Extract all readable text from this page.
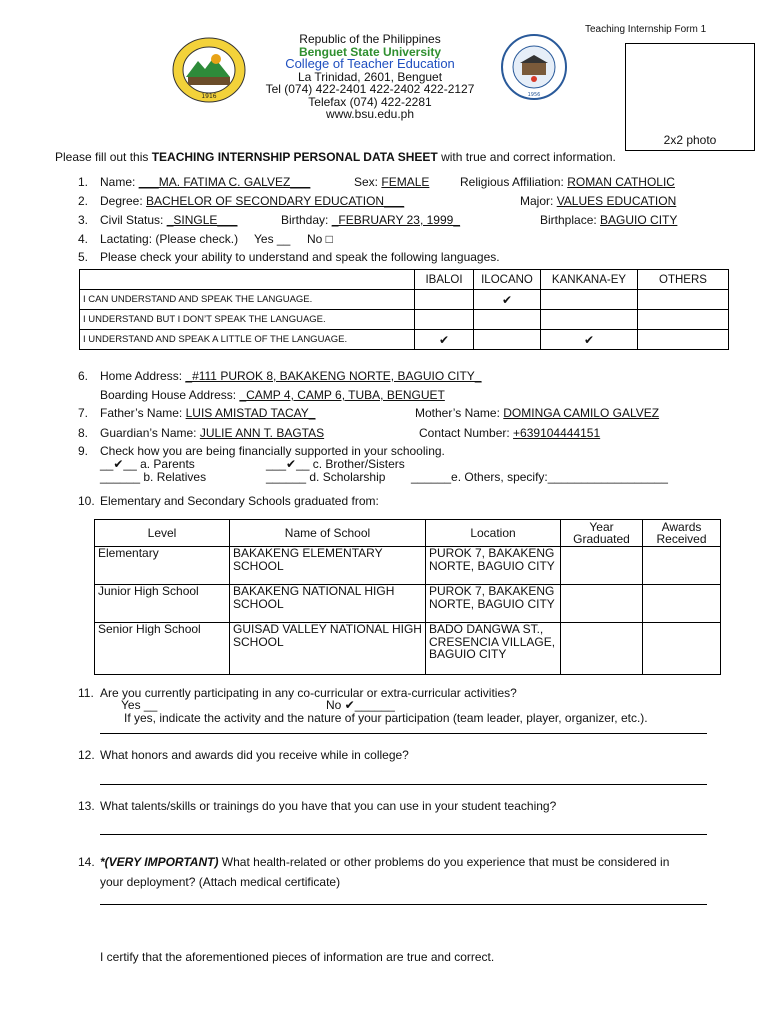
Teaching Internship Form 1
2x2 photo
1916
Republic of the Philippines
Benguet State University
College of Teacher Education
La Trinidad, 2601, Benguet
Tel (074) 422-2401 422-2402 422-2127
Telefax (074) 422-2281
www.bsu.edu.ph
1956
Please fill out this TEACHING INTERNSHIP PERSONAL DATA SHEET with true and correct information.
1. Name: ___MA. FATIMA C. GALVEZ___	Sex: FEMALE	Religious Affiliation: ROMAN CATHOLIC
2. Degree: BACHELOR OF SECONDARY EDUCATION___	Major: VALUES EDUCATION
3. Civil Status: _SINGLE___	Birthday: _FEBRUARY 23, 1999_	Birthplace: BAGUIO CITY
4. Lactating: (Please check.) Yes __ No □
5. Please check your ability to understand and speak the following languages.
	IBALOI	ILOCANO	KANKANA-EY	OTHERS
I CAN UNDERSTAND AND SPEAK THE LANGUAGE.		✔		
I UNDERSTAND BUT I DON’T SPEAK THE LANGUAGE.				
I UNDERSTAND AND SPEAK A LITTLE OF THE LANGUAGE.	✔		✔	
6. Home Address: _#111 PUROK 8, BAKAKENG NORTE, BAGUIO CITY_
Boarding House Address: _CAMP 4, CAMP 6, TUBA, BENGUET
7. Father’s Name: LUIS AMISTAD TACAY_	Mother’s Name: DOMINGA CAMILO GALVEZ
8. Guardian’s Name: JULIE ANN T. BAGTAS	Contact Number: +639104444151
9. Check how you are being financially supported in your schooling.
__✔__ a. Parents	___✔__ c. Brother/Sisters
______ b. Relatives	______ d. Scholarship ______e. Others, specify:__________________
10. Elementary and Secondary Schools graduated from:
Level	Name of School	Location	Year Graduated	Awards Received
Elementary	BAKAKENG ELEMENTARY SCHOOL	PUROK 7, BAKAKENG NORTE, BAGUIO CITY		
Junior High School	BAKAKENG NATIONAL HIGH SCHOOL	PUROK 7, BAKAKENG NORTE, BAGUIO CITY		
Senior High School	GUISAD VALLEY NATIONAL HIGH SCHOOL	BADO DANGWA ST., CRESENCIA VILLAGE, BAGUIO CITY		
11. Are you currently participating in any co-curricular or extra-curricular activities?
Yes __	No ✔______
If yes, indicate the activity and the nature of your participation (team leader, player, organizer, etc.).
12. What honors and awards did you receive while in college?
13. What talents/skills or trainings do you have that you can use in your student teaching?
14. *(VERY IMPORTANT) What health-related or other problems do you experience that must be considered in
your deployment? (Attach medical certificate)
I certify that the aforementioned pieces of information are true and correct.
